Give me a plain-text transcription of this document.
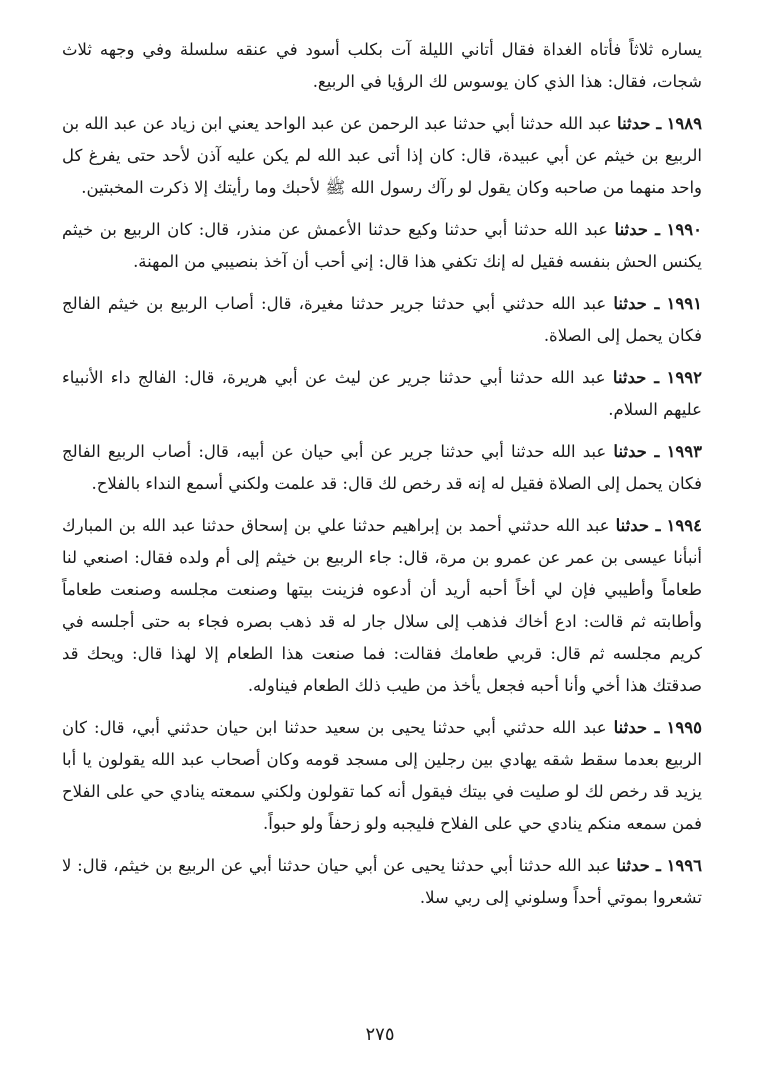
يساره ثلاثاً فأتاه الغداة فقال أتاني الليلة آت بكلب أسود في عنقه سلسلة وفي وجهه ثلاث شجات، فقال: هذا الذي كان يوسوس لك الرؤيا في الربيع.

١٩٨٩ ـ حدثنا عبد الله حدثنا أبي حدثنا عبد الرحمن عن عبد الواحد يعني ابن زياد عن عبد الله بن الربيع بن خيثم عن أبي عبيدة، قال: كان إذا أتى عبد الله لم يكن عليه آذن لأحد حتى يفرغ كل واحد منهما من صاحبه وكان يقول لو رآك رسول الله ﷺ لأحبك وما رأيتك إلا ذكرت المخبتين.

١٩٩٠ ـ حدثنا عبد الله حدثنا أبي حدثنا وكيع حدثنا الأعمش عن منذر، قال: كان الربيع بن خيثم يكنس الحش بنفسه فقيل له إنك تكفي هذا قال: إني أحب أن آخذ بنصيبي من المهنة.

١٩٩١ ـ حدثنا عبد الله حدثني أبي حدثنا جرير حدثنا مغيرة، قال: أصاب الربيع بن خيثم الفالج فكان يحمل إلى الصلاة.

١٩٩٢ ـ حدثنا عبد الله حدثنا أبي حدثنا جرير عن ليث عن أبي هريرة، قال: الفالج داء الأنبياء عليهم السلام.

١٩٩٣ ـ حدثنا عبد الله حدثنا أبي حدثنا جرير عن أبي حيان عن أبيه، قال: أصاب الربيع الفالج فكان يحمل إلى الصلاة فقيل له إنه قد رخص لك قال: قد علمت ولكني أسمع النداء بالفلاح.

١٩٩٤ ـ حدثنا عبد الله حدثني أحمد بن إبراهيم حدثنا علي بن إسحاق حدثنا عبد الله بن المبارك أنبأنا عيسى بن عمر عن عمرو بن مرة، قال: جاء الربيع بن خيثم إلى أم ولده فقال: اصنعي لنا طعاماً وأطيبي فإن لي أخاً أحبه أريد أن أدعوه فزينت بيتها وصنعت مجلسه وصنعت طعاماً وأطابته ثم قالت: ادع أخاك فذهب إلى سلال جار له قد ذهب بصره فجاء به حتى أجلسه في كريم مجلسه ثم قال: قربي طعامك فقالت: فما صنعت هذا الطعام إلا لهذا قال: ويحك قد صدقتك هذا أخي وأنا أحبه فجعل يأخذ من طيب ذلك الطعام فيناوله.

١٩٩٥ ـ حدثنا عبد الله حدثني أبي حدثنا يحيى بن سعيد حدثنا ابن حيان حدثني أبي، قال: كان الربيع بعدما سقط شقه يهادي بين رجلين إلى مسجد قومه وكان أصحاب عبد الله يقولون يا أبا يزيد قد رخص لك لو صليت في بيتك فيقول أنه كما تقولون ولكني سمعته ينادي حي على الفلاح فمن سمعه منكم ينادي حي على الفلاح فليجبه ولو زحفاً ولو حبواً.

١٩٩٦ ـ حدثنا عبد الله حدثنا أبي حدثنا يحيى عن أبي حيان حدثنا أبي عن الربيع بن خيثم، قال: لا تشعروا بموتي أحداً وسلوني إلى ربي سلا.

٢٧٥
